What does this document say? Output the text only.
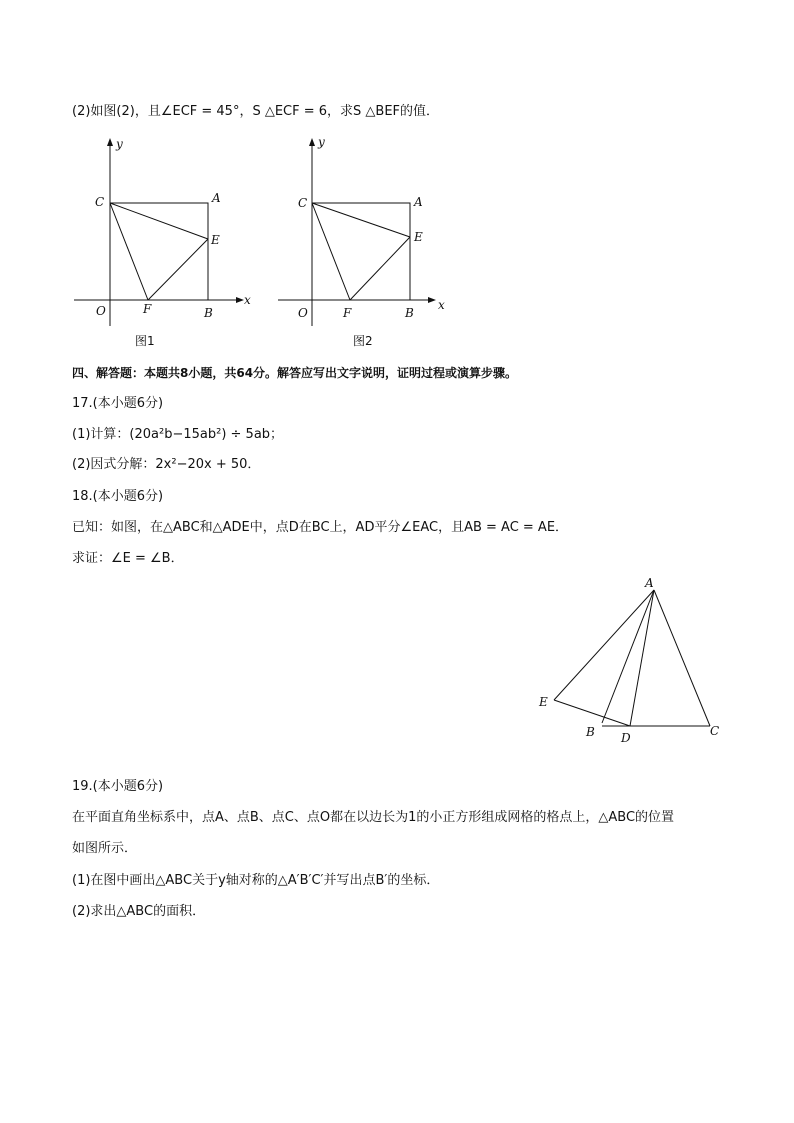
(2)如图(2)，且∠ECF = 45°，S △ECF = 6，求S △BEF的值．
y
x
C	A
E
O	F	B
图1
y
x
C	A
E
O	F	B
图2
四、解答题：本题共8小题，共64分。解答应写出文字说明，证明过程或演算步骤。
17.(本小题6分)
(1)计算：(20a²b−15ab²) ÷ 5ab；
(2)因式分解：2x²−20x + 50．
18.(本小题6分)
已知：如图，在△ABC和△ADE中，点D在BC上，AD平分∠EAC，且AB = AC = AE．
求证：∠E = ∠B．
A
E
B D	C
19.(本小题6分)
在平面直角坐标系中，点A、点B、点C、点O都在以边长为1的小正方形组成网格的格点上，△ABC的位置
如图所示．
(1)在图中画出△ABC关于y轴对称的△A′B′C′并写出点B′的坐标．
(2)求出△ABC的面积．
